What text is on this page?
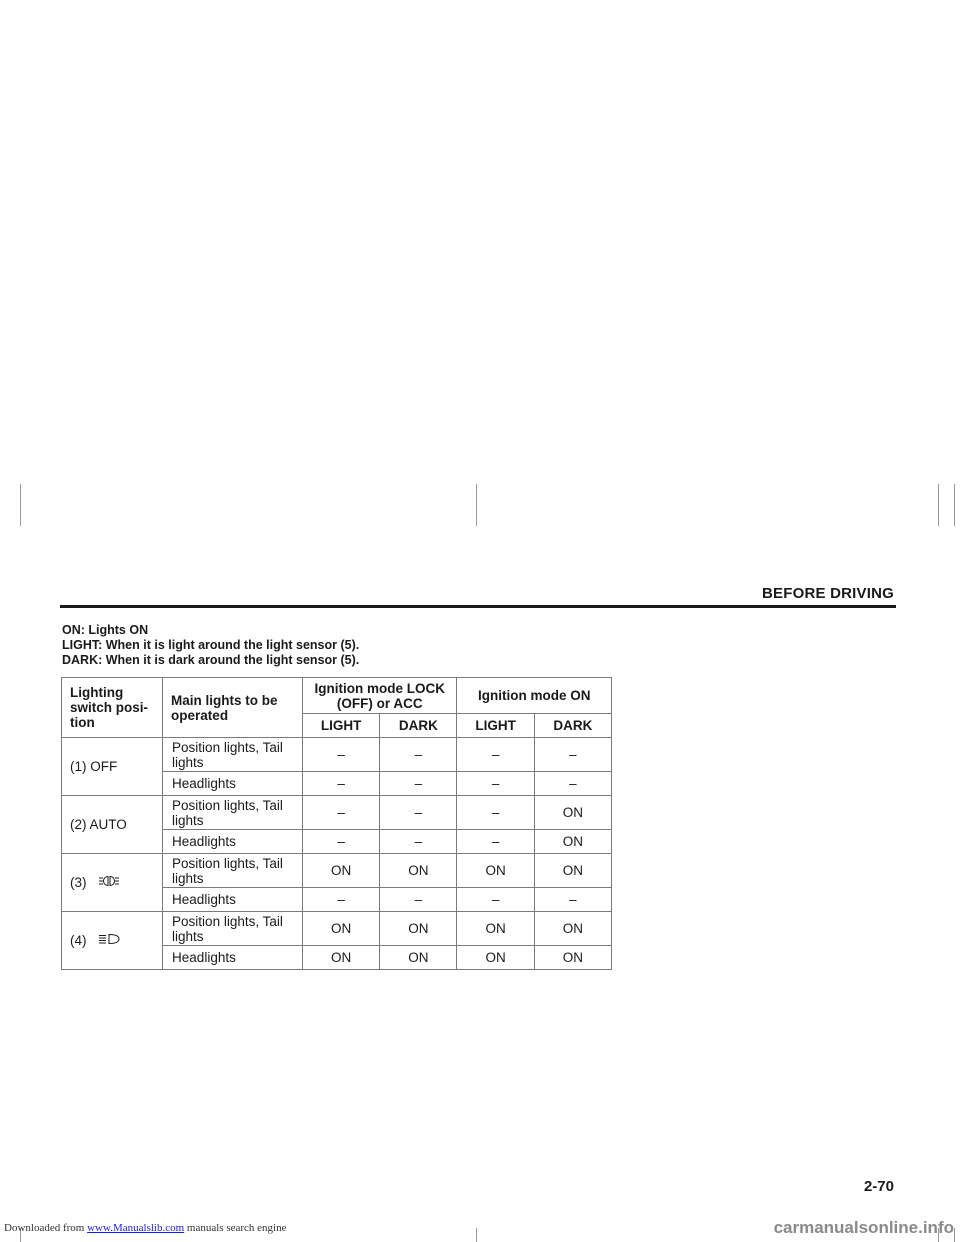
BEFORE DRIVING
ON: Lights ON
LIGHT: When it is light around the light sensor (5).
DARK: When it is dark around the light sensor (5).
Lighting switch posi- tion	Main lights to be operated	Ignition mode LOCK (OFF) or ACC		Ignition mode ON	
		LIGHT	DARK	LIGHT	DARK
(1) OFF	Position lights, Tail lights	–	–	–	–
	Headlights	–	–	–	–
(2) AUTO	Position lights, Tail lights	–	–	–	ON
	Headlights	–	–	–	ON
(3)	Position lights, Tail lights	ON	ON	ON	ON
	Headlights	–	–	–	–
(4)	Position lights, Tail lights	ON	ON	ON	ON
	Headlights	ON	ON	ON	ON
2-70
Downloaded from www.Manualslib.com manuals search engine	carmanualsonline.info
